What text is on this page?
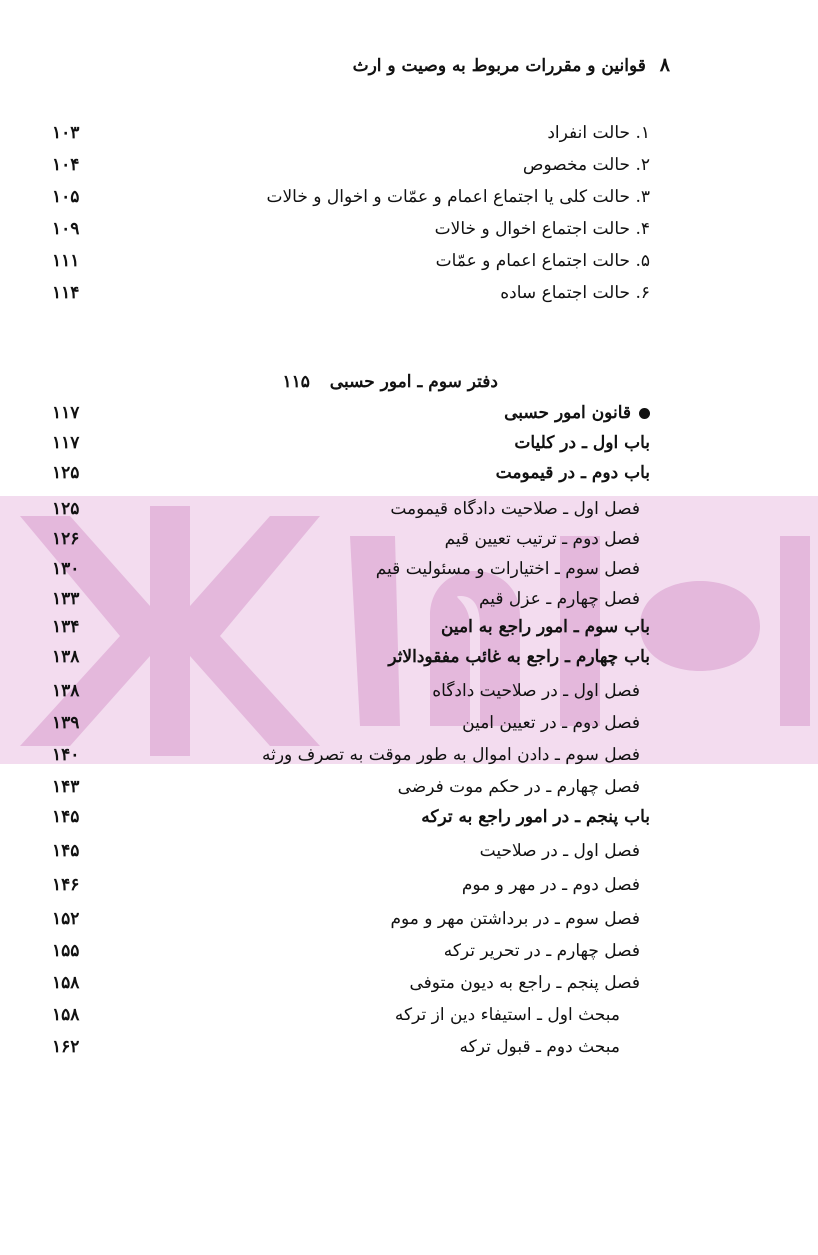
۸ قوانین و مقررات مربوط به وصیت و ارث
۱. حالت انفراد
۱۰۳
۲. حالت مخصوص
۱۰۴
۳. حالت کلی یا اجتماع اعمام و عمّات و اخوال و خالات
۱۰۵
۴. حالت اجتماع اخوال و خالات
۱۰۹
۵. حالت اجتماع اعمام و عمّات
۱۱۱
۶. حالت اجتماع ساده
۱۱۴
دفتر سوم ـ امور حسبی ۱۱۵
قانون امور حسبی
۱۱۷
باب اول ـ در کلیات
۱۱۷
باب دوم ـ در قیمومت
۱۲۵
فصل اول ـ صلاحیت دادگاه قیمومت
۱۲۵
فصل دوم ـ ترتیب تعیین قیم
۱۲۶
فصل سوم ـ اختیارات و مسئولیت قیم
۱۳۰
فصل چهارم ـ عزل قیم
۱۳۳
باب سوم ـ امور راجع به امین
۱۳۴
باب چهارم ـ راجع به غائب مفقودالاثر
۱۳۸
فصل اول ـ در صلاحیت دادگاه
۱۳۸
فصل دوم ـ در تعیین امین
۱۳۹
فصل سوم ـ دادن اموال به طور موقت به تصرف ورثه
۱۴۰
فصل چهارم ـ در حکم موت فرضی
۱۴۳
باب پنجم ـ در امور راجع به ترکه
۱۴۵
فصل اول ـ در صلاحیت
۱۴۵
فصل دوم ـ در مهر و موم
۱۴۶
فصل سوم ـ در برداشتن مهر و موم
۱۵۲
فصل چهارم ـ در تحریر ترکه
۱۵۵
فصل پنجم ـ راجع به دیون متوفی
۱۵۸
مبحث اول ـ استیفاء دین از ترکه
۱۵۸
مبحث دوم ـ قبول ترکه
۱۶۲
